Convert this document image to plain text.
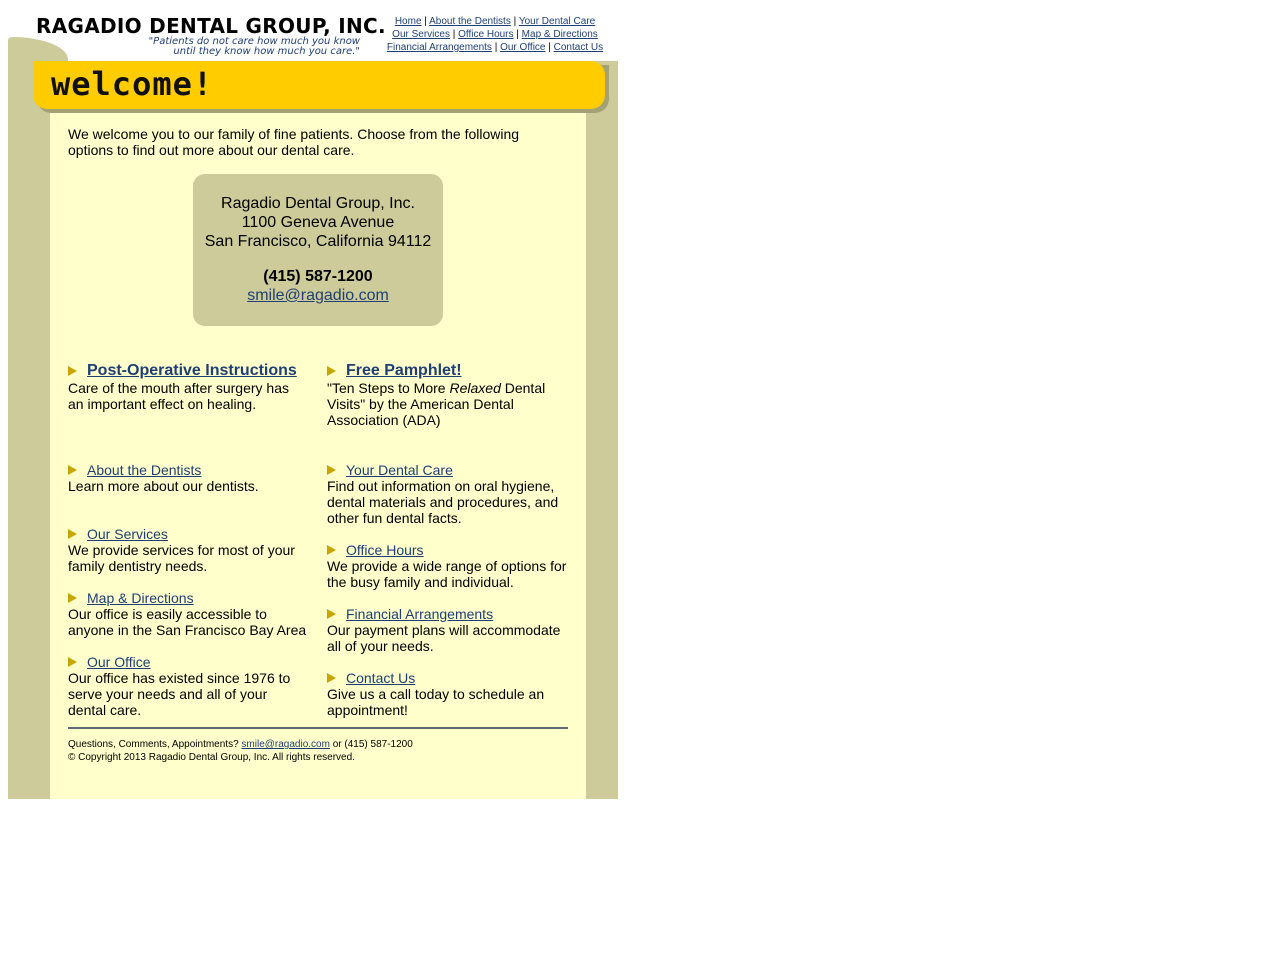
RAGADIO DENTAL GROUP, INC.
"Patients do not care how much you know
until they know how much you care."
Home | About the Dentists | Your Dental Care
Our Services | Office Hours | Map & Directions
Financial Arrangements | Our Office | Contact Us
welcome!
We welcome you to our family of fine patients. Choose from the following options to find out more about our dental care.
Ragadio Dental Group, Inc.
1100 Geneva Avenue
San Francisco, California 94112
(415) 587-1200
smile@ragadio.com
Post-Operative Instructions
Care of the mouth after surgery has an important effect on healing.
Free Pamphlet!
"Ten Steps to More Relaxed Dental Visits" by the American Dental Association (ADA)
About the Dentists
Learn more about our dentists.
Our Services
We provide services for most of your family dentistry needs.
Map & Directions
Our office is easily accessible to anyone in the San Francisco Bay Area
Our Office
Our office has existed since 1976 to serve your needs and all of your dental care.
Your Dental Care
Find out information on oral hygiene, dental materials and procedures, and other fun dental facts.
Office Hours
We provide a wide range of options for the busy family and individual.
Financial Arrangements
Our payment plans will accommodate all of your needs.
Contact Us
Give us a call today to schedule an appointment!
Questions, Comments, Appointments? smile@ragadio.com or (415) 587-1200
© Copyright 2013 Ragadio Dental Group, Inc. All rights reserved.
